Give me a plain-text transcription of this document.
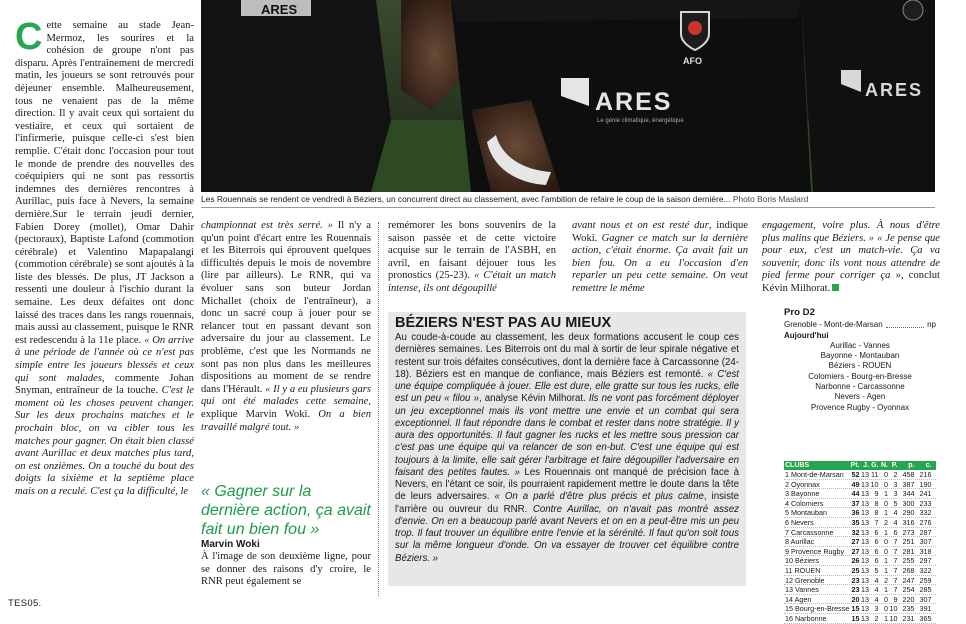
C ette semaine au stade Jean-Mermoz, les sourires et la cohésion de groupe n'ont pas disparu. Après l'entraînement de mercredi matin, les joueurs se sont retrouvés pour déjeuner ensemble. Malheureusement, tous ne venaient pas de la même direction. Il y avait ceux qui sortaient du vestiaire, et ceux qui sortaient de l'infirmerie, puisque celle-ci s'est bien remplie. C'était donc l'occasion pour tout le monde de prendre des nouvelles des coéquipiers qui ne sont pas ressortis indemnes des dernières rencontres à Aurillac, puis face à Nevers, la semaine dernière.Sur le terrain jeudi dernier, Fabien Dorey (mollet), Omar Dahir (pectoraux), Baptiste Lafond (commotion cérébrale) et Valentino Mapapalangi (commotion cérébrale) se sont ajoutés à la liste des blessés. De plus, JT Jackson a ressenti une douleur à l'ischio durant la semaine. Les deux défaites ont donc laissé des traces dans les rangs rouennais, mais aussi au classement, puisque le RNR est redescendu à la 11e place. « On arrive à une période de l'année où ce n'est pas simple entre les joueurs blessés et ceux qui sont malades, commente Johan Snyman, entraîneur de la touche. C'est le moment où les choses peuvent changer. Sur les deux prochains matches et le prochain bloc, on va cibler tous les matches pour gagner. On était bien classé avant Aurillac et deux matches plus tard, on est onzièmes. On a touché du bout des doigts la sixième et la septième place mais on a reculé. C'est ça la difficulté, le
AFO
ARES
ARES
Le génie climatique, énergétique
ARES
Les Rouennais se rendent ce vendredi à Béziers, un concurrent direct au classement, avec l'ambition de refaire le coup de la saison dernière... Photo Boris Maslard
championnat est très serré. » Il n'y a qu'un point d'écart entre les Rouennais et les Biterrois qui éprouvent quelques difficultés depuis le mois de novembre (lire par ailleurs). Le RNR, qui va évoluer sans son buteur Jordan Michallet (choix de l'entraîneur), a donc un sacré coup à jouer pour se relancer tout en passant devant son adversaire du jour au classement. Le problème, c'est que les Normands ne sont pas non plus dans les meilleures dispositions au moment de se rendre dans l'Hérault. « Il y a eu plusieurs gars qui ont été malades cette semaine, explique Marvin Woki. On a bien travaillé malgré tout. »
« Gagner sur la dernière action, ça avait fait un bien fou »
Marvin Woki
À l'image de son deuxième ligne, pour se donner des raisons d'y croire, le RNR peut également se
remémorer les bons souvenirs de la saison passée et de cette victoire acquise sur le terrain de l'ASBH, en avril, en faisant déjouer tous les pronostics (25-23). « C'était un match intense, ils ont dégoupillé
avant nous et on est resté dur, indique Woki. Gagner ce match sur la dernière action, c'était énorme. Ça avait fait un bien fou. On a eu l'occasion d'en reparler un peu cette semaine. On veut remettre le même
engagement, voire plus. À nous d'être plus malins que Béziers. » « Je pense que pour eux, c'est un match-vie. Ça va souvenir, donc ils vont nous attendre de pied ferme pour corriger ça », conclut Kévin Milhorat.
BÉZIERS N'EST PAS AU MIEUX
Au coude-à-coude au classement, les deux formations accusent le coup ces dernières semaines. Les Biterrois ont du mal à sortir de leur spirale négative et restent sur trois défaites consécutives, dont la dernière face à Carcassonne (24-18). Béziers est en manque de confiance, mais Béziers est remonté. « C'est une équipe compliquée à jouer. Elle est dure, elle gratte sur tous les rucks, elle est un peu « filou », analyse Kévin Milhorat. Ils ne vont pas forcément déployer un jeu exceptionnel mais ils vont mettre une envie et un combat qui sera exceptionnel. Il faut répondre dans le combat et rester dans notre stratégie. Il y aura des opportunités. Il faut gagner les rucks et les mettre sous pression car c'est pas une équipe qui va relancer de son en-but. C'est une équipe qui est toujours à la limite, elle sait gérer l'arbitrage et faire dégoupiller l'adversaire en faisant des petites fautes. » Les Rouennais ont manqué de précision face à Nevers, en l'étant ce soir, ils pourraient rapidement mettre le doute dans la tête de leurs adversaires. « On a parlé d'être plus précis et plus calme, insiste l'arrière ou ouvreur du RNR. Contre Aurillac, on n'avait pas montré assez d'envie. On en a beaucoup parlé avant Nevers et on en a peut-être mis un peu trop. Il faut trouver un équilibre entre l'envie et la sérénité. Il faut qu'on soit tous sur la même longueur d'onde. On va essayer de trouver cet équilibre contre Béziers. »
Pro D2
Grenoble - Mont-de-Marsan	np
Aujourd'hui
Aurillac - Vannes
Bayonne - Montauban
Béziers - ROUEN
Colomiers - Bourg-en-Bresse
Narbonne - Carcassonne
Nevers - Agen
Provence Rugby - Oyonnax
CLUBS	Pt. J. G. N. P.	p.	c.
1 Mont-de-Marsan	52 13 11 0 2 458 216
2 Oyonnax	49 13 10 0 3 387 190
3 Bayonne	44 13 9 1 3 344 241
4 Colomiers	37 13 8 0 5 300 233
5 Montauban	36 13 8 1 4 290 332
6 Nevers	35 13 7 2 4 316 276
7 Carcassonne	32 13 6 1 6 273 287
8 Aurillac	27 13 6 0 7 251 307
9 Provence Rugby	27 13 6 0 7 281 318
10 Béziers	26 13 6 1 7 255 297
11 ROUEN	25 13 5 1 7 268 322
12 Grenoble	23 13 4 2 7 247 259
13 Vannes	23 13 4 1 7 254 285
14 Agen	20 13 4 0 9 220 307
15 Bourg-en-Bresse 15 13 3 0 10 235 391
16 Narbonne	15 13 2 1 10 231 365
TES05.
